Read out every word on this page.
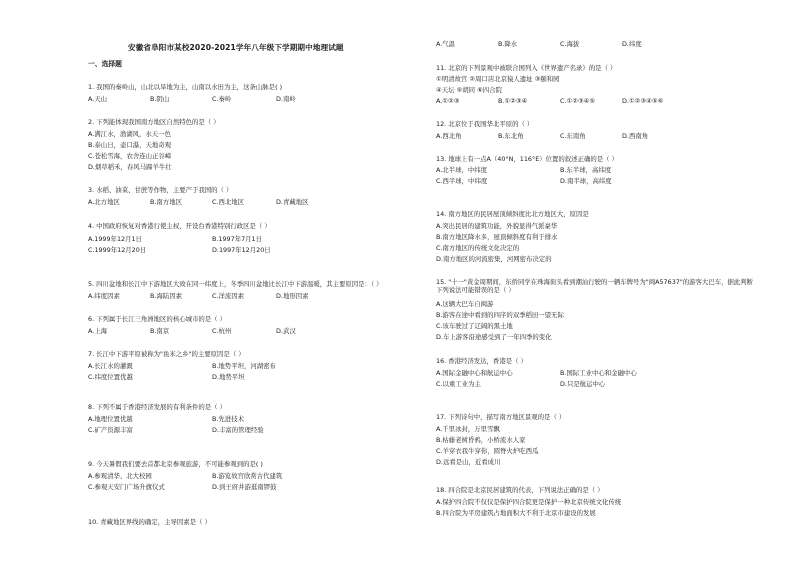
安徽省阜阳市某校2020-2021学年八年级下学期期中地理试题
一、选择题
1. 我国的秦岭山，山北以旱地为主，山南以水田为主，这条山脉是( )
A.天山	B.阴山	C.秦岭	D.南岭
2. 下列能体现我国南方地区自然特色的是（ ）
A.满江水，渔湖风，水天一色
B.泰山日，壶口瀑，天地奇观
C.苍松雪海，农舍连山正谷嶂
D.烟草稻禾，春风马蹄羊牛壮
3. 水稻、油菜、甘蔗等作物，主要产于我国的（ ）
A.北方地区	B.南方地区	C.西北地区	D.青藏地区
4. 中国政府恢复对香港行使主权，开设台香港特别行政区是（ ）
A.1999年12月1日	B.1997年7月1日
C.1999年12月20日	D.1997年12月20日
5. 四川盆地和长江中下游地区大致在同一纬度上，冬季四川盆地比长江中下游温暖，其主要原因是：（ ）
A.纬度因素	B.海陆因素	C.洋流因素	D.地形因素
6. 下列属于长江三角洲地区的核心城市的是（ ）
A.上海	B.南京	C.杭州	D.武汉
7. 长江中下游平原被称为"鱼米之乡"的主要原因是（ ）
A.长江水的灌溉	B.地势平坦，河湖密布
C.纬度位置优越	D.地势平坦
8. 下列不属于香港经济发展的有利条件的是（ ）
A.地理位置优越	B.先进技术
C.矿产资源丰富	D.丰富的管理经验
9. 今天暑假我们要去首都北京参观旅游，不可能参观到的是( )
A.参观清华、北大校园	B.游览故宫欣赏古代建筑
C.参观天安门广场升旗仪式	D.到王府井游逛南锣鼓
10. 青藏地区界线的确定，主导因素是（ ）
A.气温	B.降水	C.海拔	D.纬度
11. 北京的下列景观中被联合国列入《世界遗产名录》的是（ ）
①明清故宫 ②周口店北京猿人遗址 ③颐和园
④天坛 ⑤胡同 ⑥四合院
A.①②③	B.①②③④	C.①②③④⑤	D.①②③④⑤⑥
12. 北京位于我国华北平原的（ ）
A.西北角	B.东北角	C.东南角	D.西南角
13. 地球上有一点A（40°N，116°E）位置的叙述正确的是（ ）
A.北半球，中纬度	B.东半球，高纬度
C.西半球，中纬度	D.南半球，高纬度
14. 南方地区的民居屋顶倾斜度比北方地区大，原因是
A.突出民居的建筑功能，外貌显得气派豪华
B.南方地区降水多，屋顶倾斜度有利于排水
C.南方地区的传统文化决定的
D.南方地区的河流密集，河网密布决定的
15. "十一"黄金周期间，东侨同学在珠海街头看到潮汕行驶的一辆车牌号为"闽A57637"的游客大巴车，据此判断下列说法可能错误的是（ ）
A.这辆大巴车自闽游
B.游客在途中看到的四序的双季稻田一望无际
C.该车驶过了辽阔的黑土地
D.车上游客沿途感受到了一年四季的变化
16. 香港经济发达，香港是（ ）
A.国际金融中心和航运中心	B.国际工业中心和金融中心
C.以重工业为主	D.只是航运中心
17. 下列诗句中，描写南方地区景观的是（ ）
A.千里冰封，万里雪飘
B.枯藤老树昏鸦，小桥流水人家
C.羊穿衣我牛穿你，圆脊火炉吃西瓜
D.远看是山，近看成川
18. 四合院是北京民居建筑的代表，下列说法正确的是（ ）
A.保护四合院不仅仅是保护四合院更是保护一种北京传统文化传统
B.四合院为平房建筑占地面积大不利于北京市建设的发展
